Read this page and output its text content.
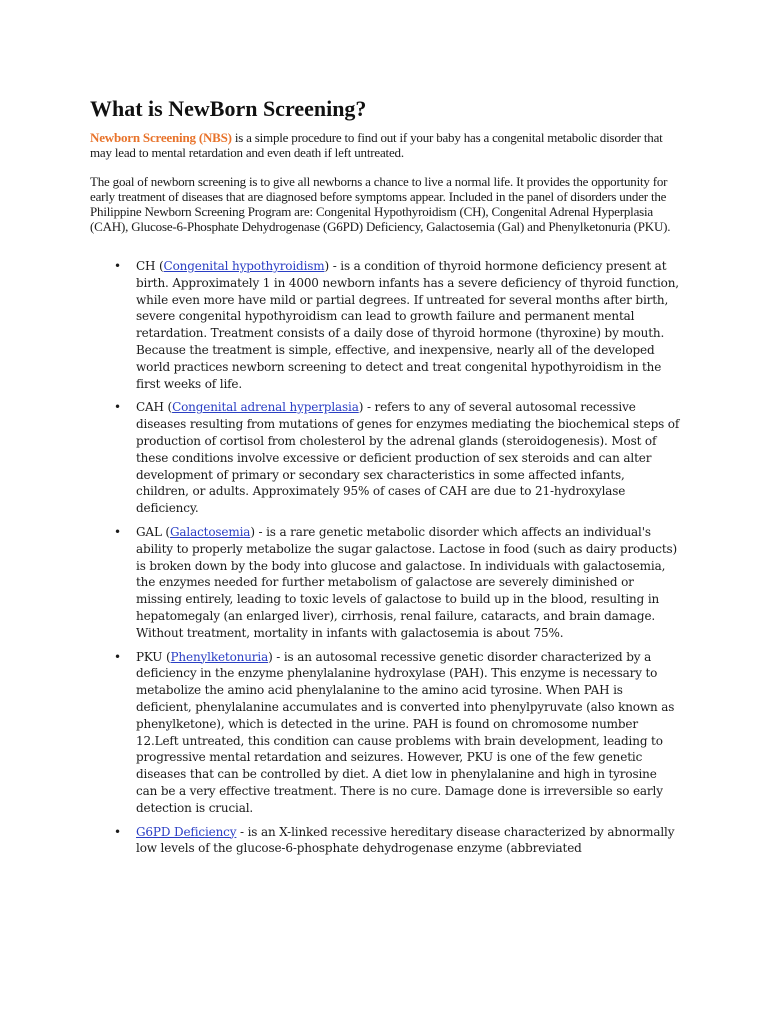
What is NewBorn Screening?

Newborn Screening (NBS) is a simple procedure to find out if your baby has a congenital metabolic disorder that may lead to mental retardation and even death if left untreated.

The goal of newborn screening is to give all newborns a chance to live a normal life. It provides the opportunity for early treatment of diseases that are diagnosed before symptoms appear. Included in the panel of disorders under the Philippine Newborn Screening Program are: Congenital Hypothyroidism (CH), Congenital Adrenal Hyperplasia (CAH), Glucose-6-Phosphate Dehydrogenase (G6PD) Deficiency, Galactosemia (Gal) and Phenylketonuria (PKU).

• CH (Congenital hypothyroidism) - is a condition of thyroid hormone deficiency present at birth. Approximately 1 in 4000 newborn infants has a severe deficiency of thyroid function, while even more have mild or partial degrees. If untreated for several months after birth, severe congenital hypothyroidism can lead to growth failure and permanent mental retardation. Treatment consists of a daily dose of thyroid hormone (thyroxine) by mouth. Because the treatment is simple, effective, and inexpensive, nearly all of the developed world practices newborn screening to detect and treat congenital hypothyroidism in the first weeks of life.
• CAH (Congenital adrenal hyperplasia) - refers to any of several autosomal recessive diseases resulting from mutations of genes for enzymes mediating the biochemical steps of production of cortisol from cholesterol by the adrenal glands (steroidogenesis). Most of these conditions involve excessive or deficient production of sex steroids and can alter development of primary or secondary sex characteristics in some affected infants, children, or adults. Approximately 95% of cases of CAH are due to 21-hydroxylase deficiency.
• GAL (Galactosemia) - is a rare genetic metabolic disorder which affects an individual's ability to properly metabolize the sugar galactose. Lactose in food (such as dairy products) is broken down by the body into glucose and galactose. In individuals with galactosemia, the enzymes needed for further metabolism of galactose are severely diminished or missing entirely, leading to toxic levels of galactose to build up in the blood, resulting in hepatomegaly (an enlarged liver), cirrhosis, renal failure, cataracts, and brain damage. Without treatment, mortality in infants with galactosemia is about 75%.
• PKU (Phenylketonuria) - is an autosomal recessive genetic disorder characterized by a deficiency in the enzyme phenylalanine hydroxylase (PAH). This enzyme is necessary to metabolize the amino acid phenylalanine to the amino acid tyrosine. When PAH is deficient, phenylalanine accumulates and is converted into phenylpyruvate (also known as phenylketone), which is detected in the urine. PAH is found on chromosome number 12.Left untreated, this condition can cause problems with brain development, leading to progressive mental retardation and seizures. However, PKU is one of the few genetic diseases that can be controlled by diet. A diet low in phenylalanine and high in tyrosine can be a very effective treatment. There is no cure. Damage done is irreversible so early detection is crucial.
• G6PD Deficiency - is an X-linked recessive hereditary disease characterized by abnormally low levels of the glucose-6-phosphate dehydrogenase enzyme (abbreviated
